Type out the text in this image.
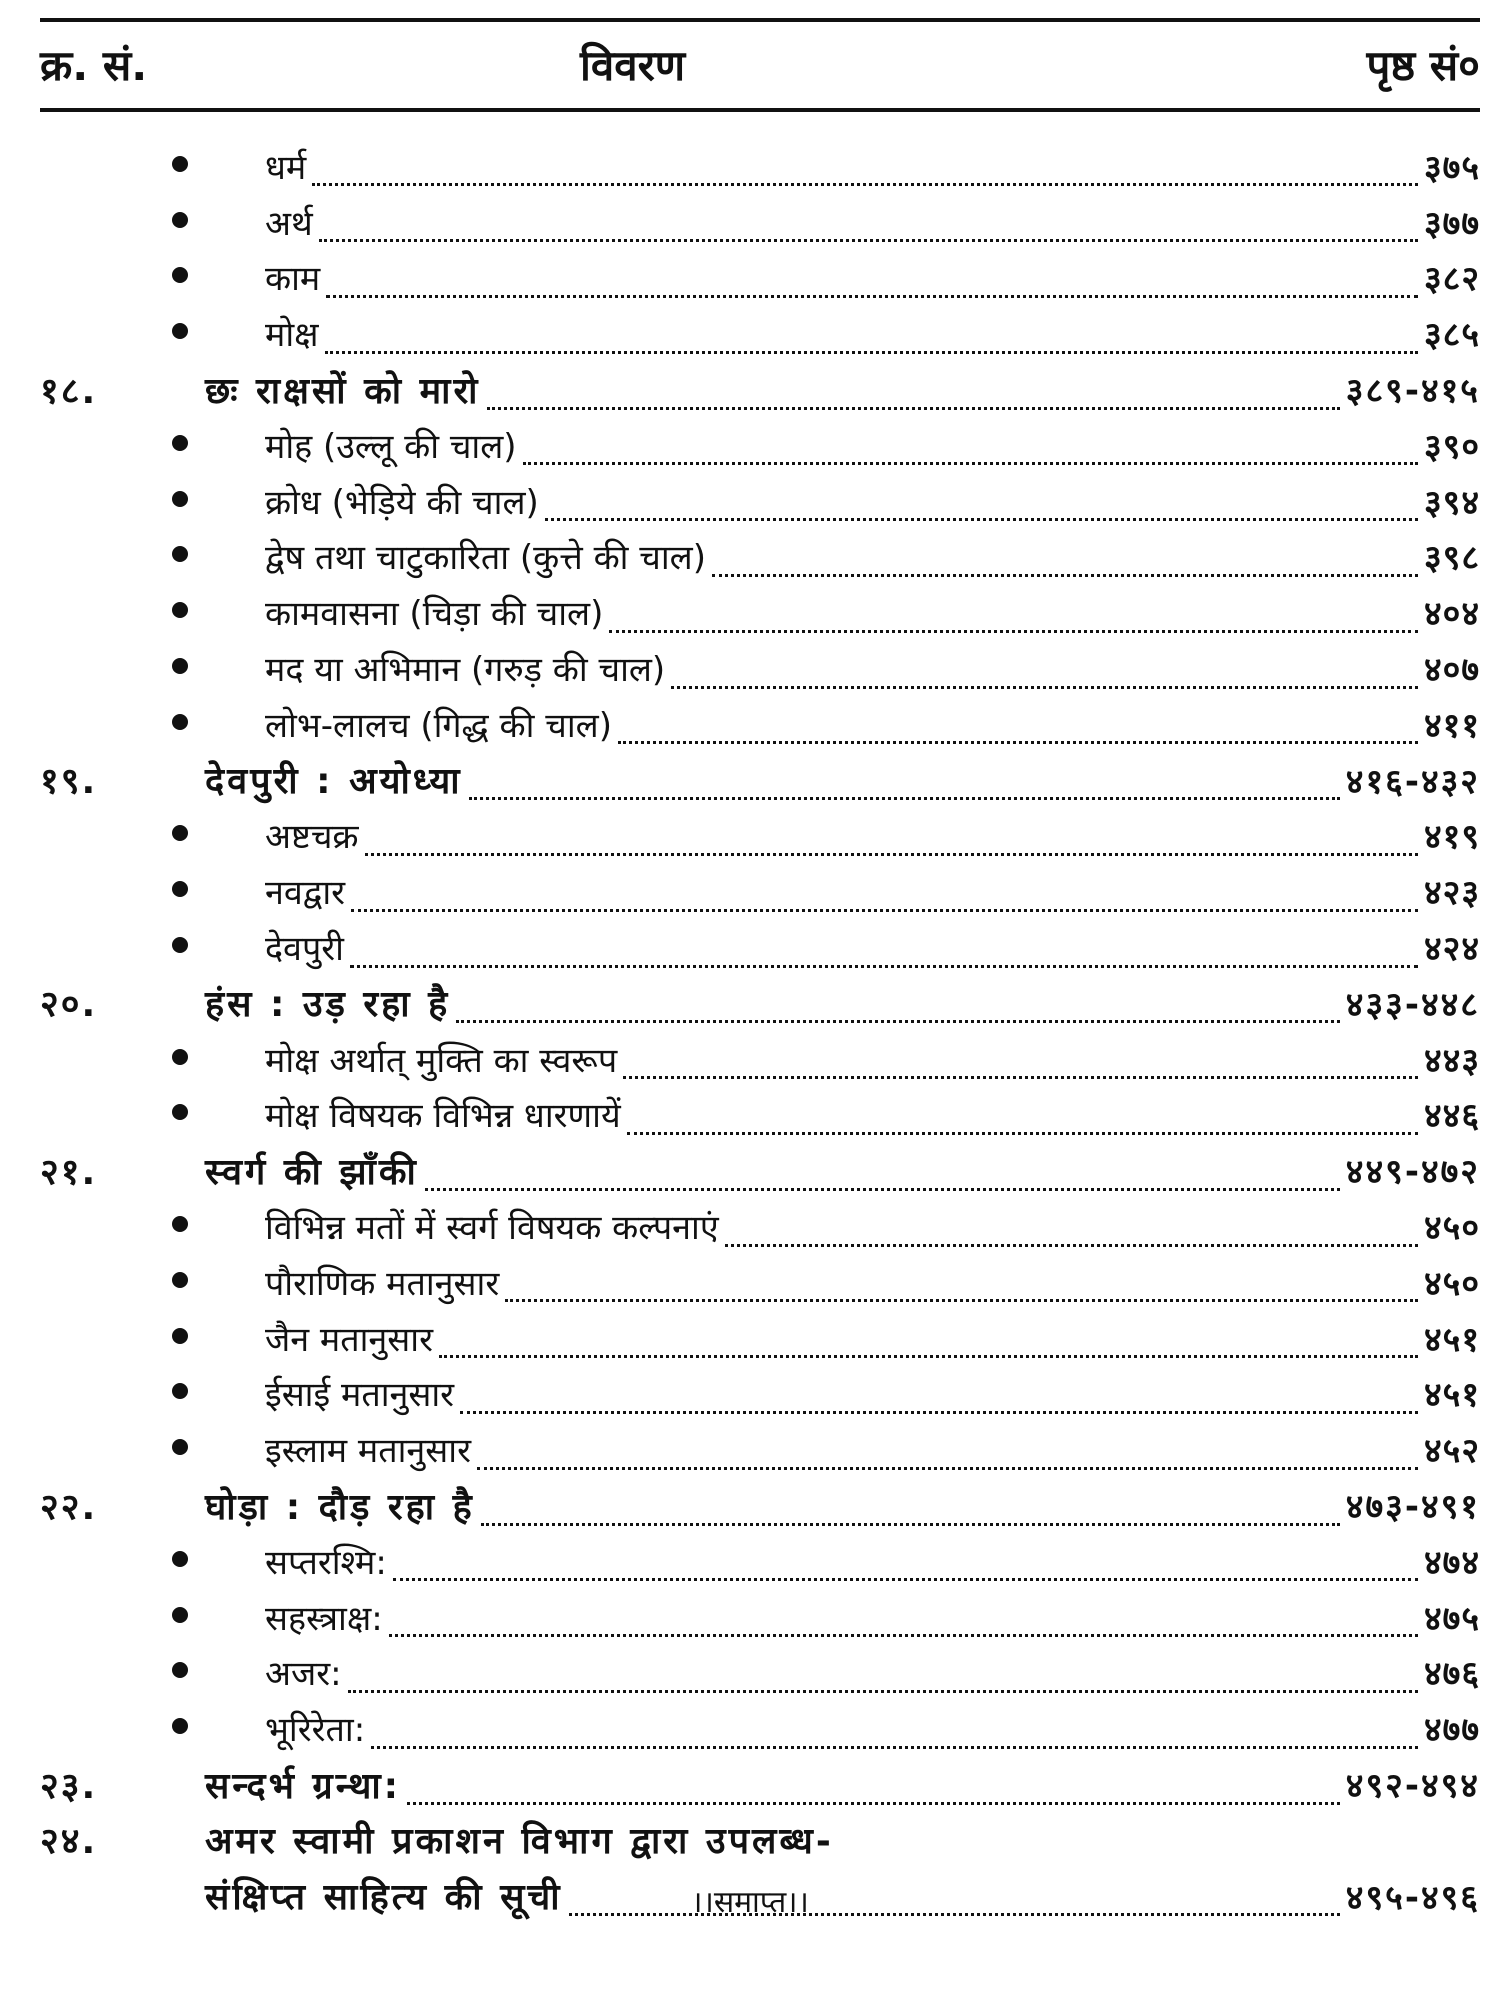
क्र. सं.	विवरण	पृष्ठ सं०
धर्म	३७५
अर्थ	३७७
काम	३८२
मोक्ष	३८५
१८.	छः राक्षसों को मारो	३८९-४१५
मोह (उल्लू की चाल)	३९०
क्रोध (भेड़िये की चाल)	३९४
द्वेष तथा चाटुकारिता (कुत्ते की चाल)	३९८
कामवासना (चिड़ा की चाल)	४०४
मद या अभिमान (गरुड़ की चाल)	४०७
लोभ-लालच (गिद्ध की चाल)	४११
१९.	देवपुरी : अयोध्या	४१६-४३२
अष्टचक्र	४१९
नवद्वार	४२३
देवपुरी	४२४
२०.	हंस : उड़ रहा है	४३३-४४८
मोक्ष अर्थात् मुक्ति का स्वरूप	४४३
मोक्ष विषयक विभिन्न धारणायें	४४६
२१.	स्वर्ग की झाँकी	४४९-४७२
विभिन्न मतों में स्वर्ग विषयक कल्पनाएं	४५०
पौराणिक मतानुसार	४५०
जैन मतानुसार	४५१
ईसाई मतानुसार	४५१
इस्लाम मतानुसार	४५२
२२.	घोड़ा : दौड़ रहा है	४७३-४९१
सप्तरश्मि:	४७४
सहस्त्राक्ष:	४७५
अजर:	४७६
भूरिरेता:	४७७
२३.	सन्दर्भ ग्रन्था:	४९२-४९४
२४.	अमर स्वामी प्रकाशन विभाग द्वारा उपलब्ध-
संक्षिप्त साहित्य की सूची	४९५-४९६
।।समाप्त।।
